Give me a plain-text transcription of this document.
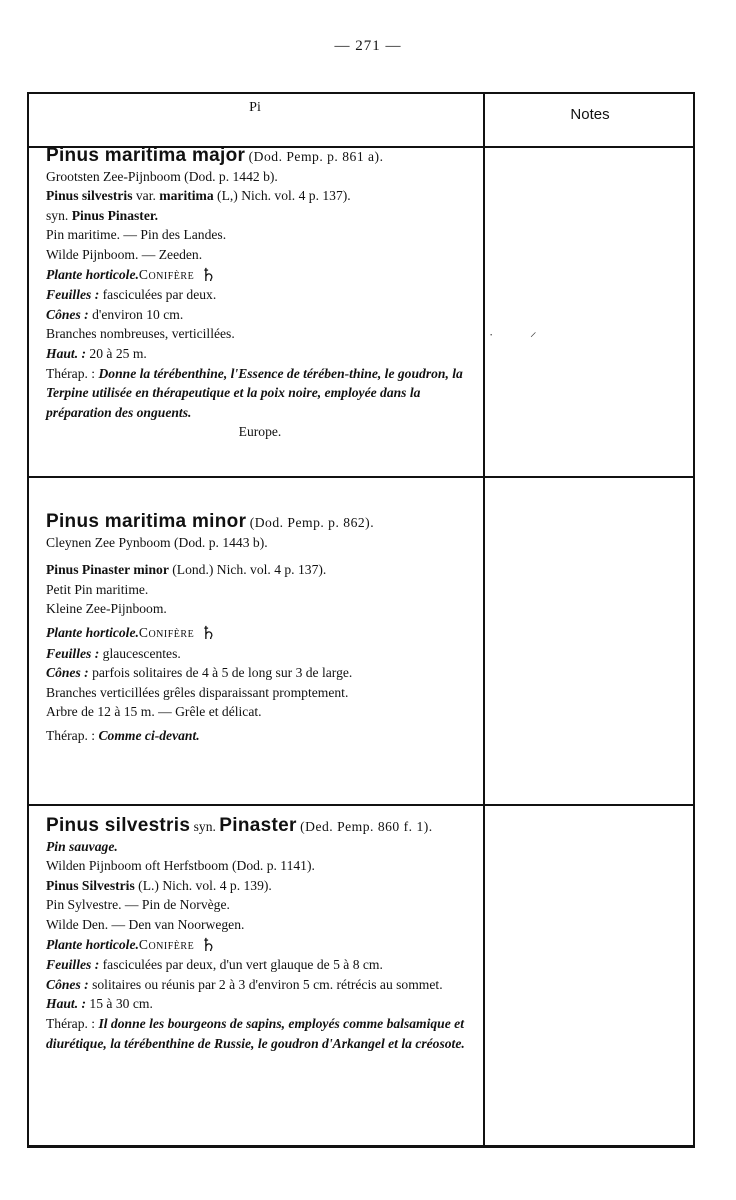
— 271 —
Pi	Notes
Pinus maritima major (Dod. Pemp. p. 861 a).
Grootsten Zee-Pijnboom (Dod. p. 1442 b).
Pinus silvestris var. maritima (L,) Nich. vol. 4 p. 137).
syn. Pinus Pinaster.
Pin maritime. — Pin des Landes.
Wilde Pijnboom. — Zeeden.
Plante horticole.Conifère ♄
Feuilles : fasciculées par deux.
Cônes : d'environ 10 cm.
Branches nombreuses, verticillées.
Haut. : 20 à 25 m.
Thérap. : Donne la térébenthine, l'Essence de térében-thine, le goudron, la Terpine utilisée en thérapeutique et la poix noire, employée dans la préparation des onguents.
Europe.
Pinus maritima minor (Dod. Pemp. p. 862).
Cleynen Zee Pynboom (Dod. p. 1443 b).
Pinus Pinaster minor (Lond.) Nich. vol. 4 p. 137).
Petit Pin maritime.
Kleine Zee-Pijnboom.
Plante horticole.Conifère ♄
Feuilles : glaucescentes.
Cônes : parfois solitaires de 4 à 5 de long sur 3 de large.
Branches verticillées grêles disparaissant promptement.
Arbre de 12 à 15 m. — Grêle et délicat.
Thérap. : Comme ci-devant.
Pinus silvestris syn. Pinaster (Ded. Pemp. 860 f. 1).
Pin sauvage.
Wilden Pijnboom oft Herfstboom (Dod. p. 1141).
Pinus Silvestris (L.) Nich. vol. 4 p. 139).
Pin Sylvestre. — Pin de Norvège.
Wilde Den. — Den van Noorwegen.
Plante horticole.Conifère ♄
Feuilles : fasciculées par deux, d'un vert glauque de 5 à 8 cm.
Cônes : solitaires ou réunis par 2 à 3 d'environ 5 cm. rétrécis au sommet.
Haut. : 15 à 30 cm.
Thérap. : Il donne les bourgeons de sapins, employés comme balsamique et diurétique, la térébenthine de Russie, le goudron d'Arkangel et la créosote.
·	⸝
